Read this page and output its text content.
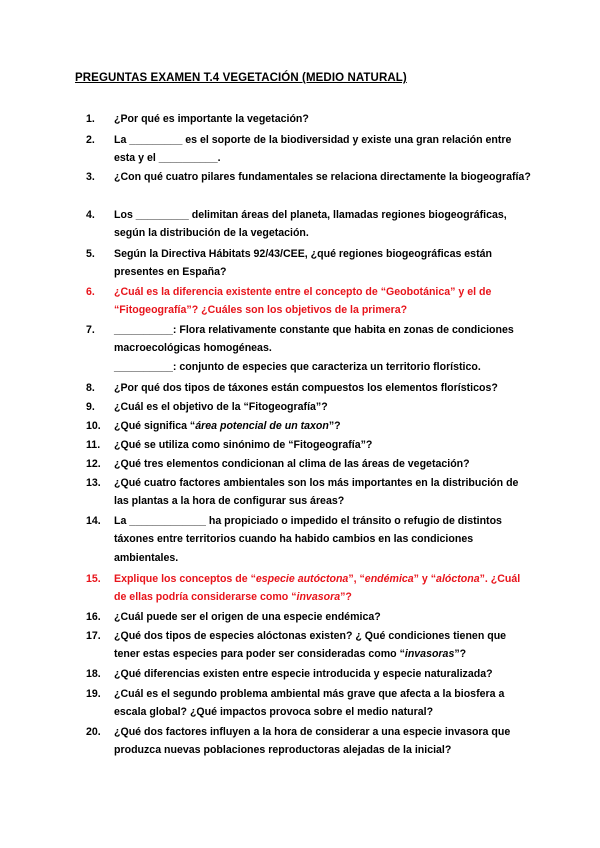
PREGUNTAS EXAMEN T.4 VEGETACIÓN (MEDIO NATURAL)
1.	¿Por qué es importante la vegetación?
2.	La _________ es el soporte de la biodiversidad y existe una gran relación entre esta y el __________.
3.	¿Con qué cuatro pilares fundamentales se relaciona directamente la biogeografía?
4.	Los _________ delimitan áreas del planeta, llamadas regiones biogeográficas, según la distribución de la vegetación.
5.	Según la Directiva Hábitats 92/43/CEE, ¿qué regiones biogeográficas están presentes en España?
6.	¿Cuál es la diferencia existente entre el concepto de “Geobotánica” y el de “Fitogeografía”? ¿Cuáles son los objetivos de la primera?
7.	__________: Flora relativamente constante que habita en zonas de condiciones macroecológicas homogéneas.
__________: conjunto de especies que caracteriza un territorio florístico.
8.	¿Por qué dos tipos de táxones están compuestos los elementos florísticos?
9.	¿Cuál es el objetivo de la “Fitogeografía”?
10.	¿Qué significa “área potencial de un taxon”?
11.	¿Qué se utiliza como sinónimo de “Fitogeografía”?
12.	¿Qué tres elementos condicionan al clima de las áreas de vegetación?
13.	¿Qué cuatro factores ambientales son los más importantes en la distribución de las plantas a la hora de configurar sus áreas?
14.	La _____________ ha propiciado o impedido el tránsito o refugio de distintos táxones entre territorios cuando ha habido cambios en las condiciones ambientales.
15.	Explique los conceptos de “especie autóctona”, “endémica” y “alóctona”. ¿Cuál de ellas podría considerarse como “invasora”?
16.	¿Cuál puede ser el origen de una especie endémica?
17.	¿Qué dos tipos de especies alóctonas existen? ¿ Qué condiciones tienen que tener estas especies para poder ser consideradas como “invasoras”?
18.	¿Qué diferencias existen entre especie introducida y especie naturalizada?
19.	¿Cuál es el segundo problema ambiental más grave que afecta a la biosfera a escala global? ¿Qué impactos provoca sobre el medio natural?
20.	¿Qué dos factores influyen a la hora de considerar a una especie invasora que produzca nuevas poblaciones reproductoras alejadas de la inicial?
